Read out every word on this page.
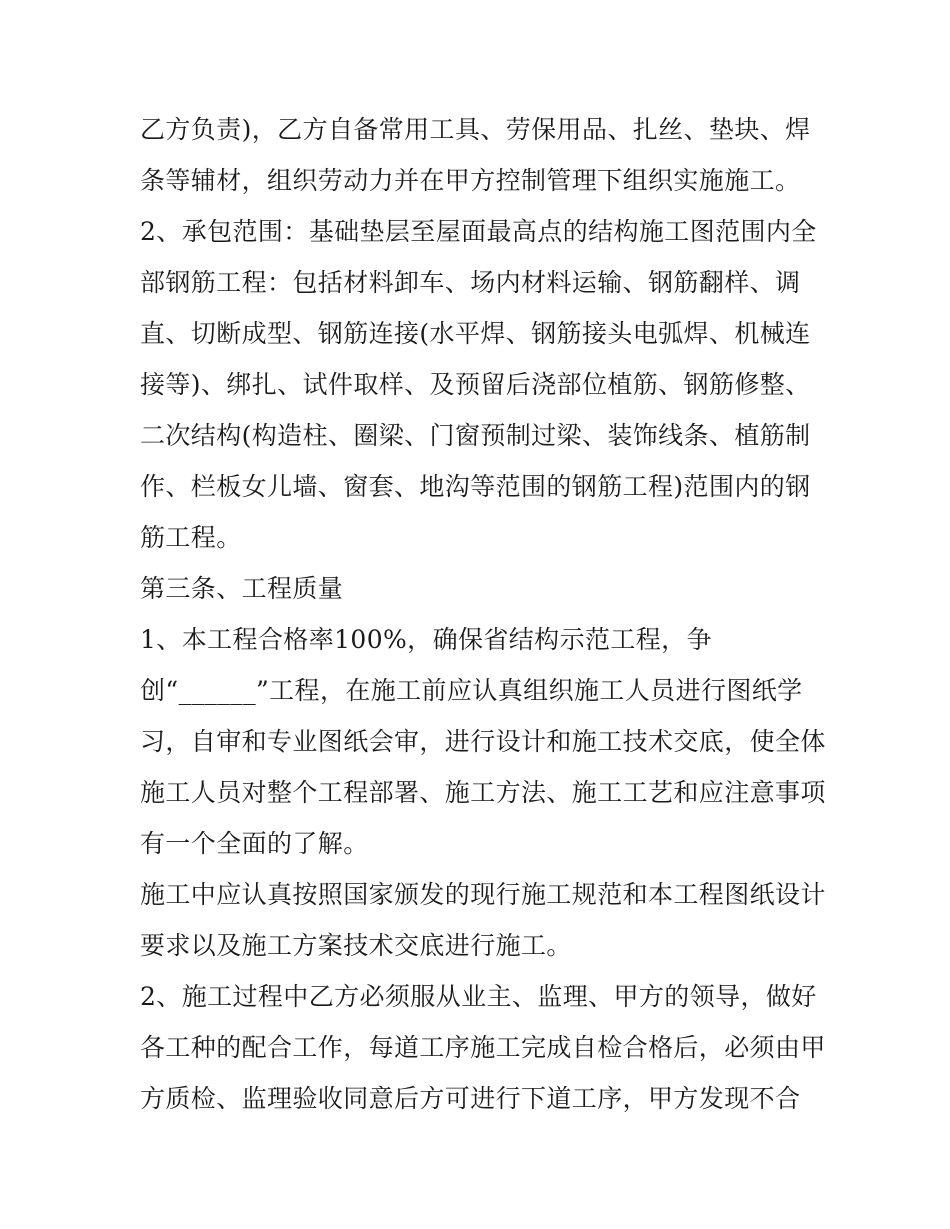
乙方负责)，乙方自备常用工具、劳保用品、扎丝、垫块、焊
条等辅材，组织劳动力并在甲方控制管理下组织实施施工。
2、承包范围：基础垫层至屋面最高点的结构施工图范围内全
部钢筋工程：包括材料卸车、场内材料运输、钢筋翻样、调
直、切断成型、钢筋连接(水平焊、钢筋接头电弧焊、机械连
接等)、绑扎、试件取样、及预留后浇部位植筋、钢筋修整、
二次结构(构造柱、圈梁、门窗预制过梁、装饰线条、植筋制
作、栏板女儿墙、窗套、地沟等范围的钢筋工程)范围内的钢
筋工程。
第三条、工程质量
1、本工程合格率100%，确保省结构示范工程，争
创“______”工程，在施工前应认真组织施工人员进行图纸学
习，自审和专业图纸会审，进行设计和施工技术交底，使全体
施工人员对整个工程部署、施工方法、施工工艺和应注意事项
有一个全面的了解。
施工中应认真按照国家颁发的现行施工规范和本工程图纸设计
要求以及施工方案技术交底进行施工。
2、施工过程中乙方必须服从业主、监理、甲方的领导，做好
各工种的配合工作，每道工序施工完成自检合格后，必须由甲
方质检、监理验收同意后方可进行下道工序，甲方发现不合
